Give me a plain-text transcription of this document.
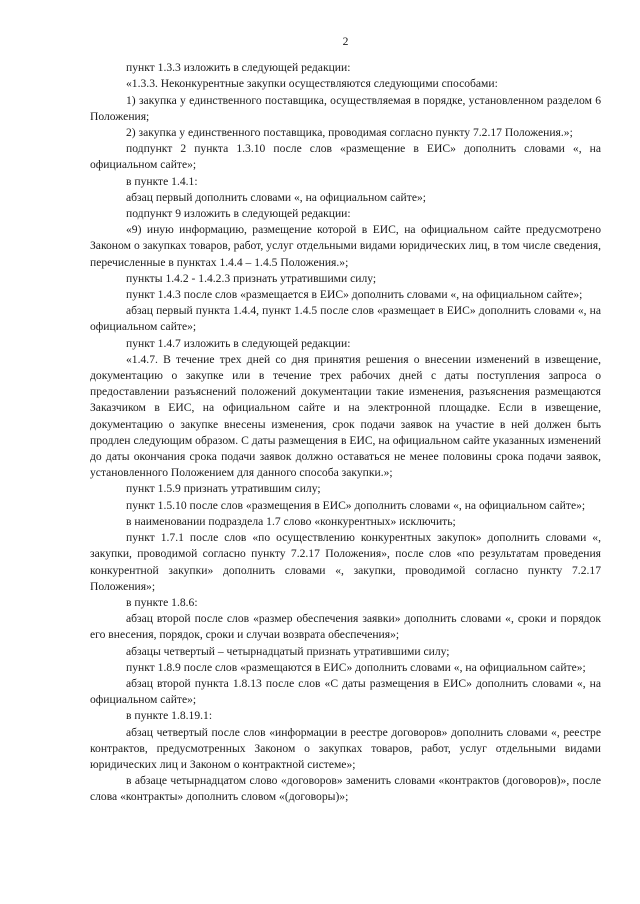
2

пункт 1.3.3 изложить в следующей редакции:

«1.3.3. Неконкурентные закупки осуществляются следующими способами:

1) закупка у единственного поставщика, осуществляемая в порядке, установленном разделом 6 Положения;

2) закупка у единственного поставщика, проводимая согласно пункту 7.2.17 Положения.»;

подпункт 2 пункта 1.3.10 после слов «размещение в ЕИС» дополнить словами «, на официальном сайте»;

в пункте 1.4.1:

абзац первый дополнить словами «, на официальном сайте»;

подпункт 9 изложить в следующей редакции:

«9) иную информацию, размещение которой в ЕИС, на официальном сайте предусмотрено Законом о закупках товаров, работ, услуг отдельными видами юридических лиц, в том числе сведения, перечисленные в пунктах 1.4.4 – 1.4.5 Положения.»;

пункты 1.4.2 - 1.4.2.3 признать утратившими силу;

пункт 1.4.3 после слов «размещается в ЕИС» дополнить словами «, на официальном сайте»;

абзац первый пункта 1.4.4, пункт 1.4.5 после слов «размещает в ЕИС» дополнить словами «, на официальном сайте»;

пункт 1.4.7 изложить в следующей редакции:

«1.4.7. В течение трех дней со дня принятия решения о внесении изменений в извещение, документацию о закупке или в течение трех рабочих дней с даты поступления запроса о предоставлении разъяснений положений документации такие изменения, разъяснения размещаются Заказчиком в ЕИС, на официальном сайте и на электронной площадке. Если в извещение, документацию о закупке внесены изменения, срок подачи заявок на участие в ней должен быть продлен следующим образом. С даты размещения в ЕИС, на официальном сайте указанных изменений до даты окончания срока подачи заявок должно оставаться не менее половины срока подачи заявок, установленного Положением для данного способа закупки.»;

пункт 1.5.9 признать утратившим силу;

пункт 1.5.10 после слов «размещения в ЕИС» дополнить словами «, на официальном сайте»;

в наименовании подраздела 1.7 слово «конкурентных» исключить;

пункт 1.7.1 после слов «по осуществлению конкурентных закупок» дополнить словами «, закупки, проводимой согласно пункту 7.2.17 Положения», после слов «по результатам проведения конкурентной закупки» дополнить словами «, закупки, проводимой согласно пункту 7.2.17 Положения»;

в пункте 1.8.6:

абзац второй после слов «размер обеспечения заявки» дополнить словами «, сроки и порядок его внесения, порядок, сроки и случаи возврата обеспечения»;

абзацы четвертый – четырнадцатый признать утратившими силу;

пункт 1.8.9 после слов «размещаются в ЕИС» дополнить словами «, на официальном сайте»;

абзац второй пункта 1.8.13 после слов «С даты размещения в ЕИС» дополнить словами «, на официальном сайте»;

в пункте 1.8.19.1:

абзац четвертый после слов «информации в реестре договоров» дополнить словами «, реестре контрактов, предусмотренных Законом о закупках товаров, работ, услуг отдельными видами юридических лиц и Законом о контрактной системе»;

в абзаце четырнадцатом слово «договоров» заменить словами «контрактов (договоров)», после слова «контракты» дополнить словом «(договоры)»;
